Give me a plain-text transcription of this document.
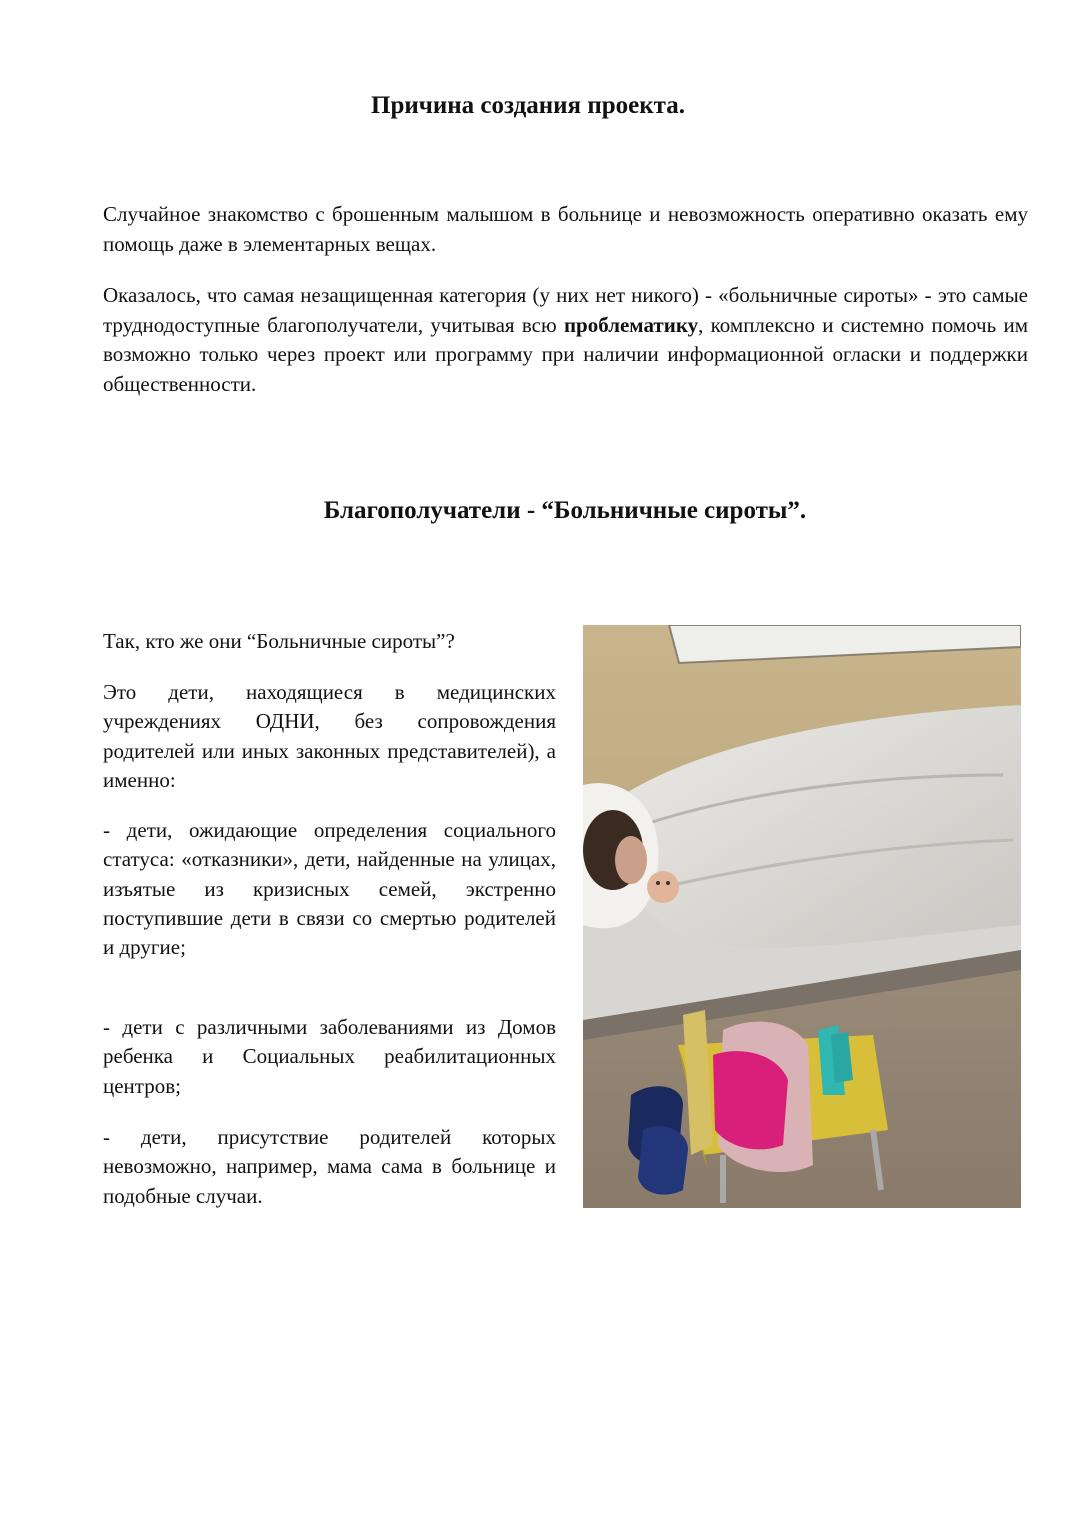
Причина создания проекта.

Случайное знакомство с брошенным малышом в больнице и невозможность оперативно оказать ему помощь даже в элементарных вещах.

Оказалось, что самая незащищенная категория (у них нет никого) - «больничные сироты» - это самые труднодоступные благополучатели, учитывая всю проблематику, комплексно и системно помочь им возможно только через проект или программу при наличии информационной огласки и поддержки общественности.

Благополучатели - “Больничные сироты”.

Так, кто же они “Больничные сироты”?

Это дети, находящиеся в медицинских учреждениях ОДНИ, без сопровождения родителей или иных законных представителей), а именно:

- дети, ожидающие определения социального статуса: «отказники», дети, найденные на улицах, изъятые из кризисных семей, экстренно поступившие дети в связи со смертью родителей и другие;

- дети с различными заболеваниями из Домов ребенка и Социальных реабилитационных центров;

- дети, присутствие родителей которых невозможно, например, мама сама в больнице и подобные случаи.
